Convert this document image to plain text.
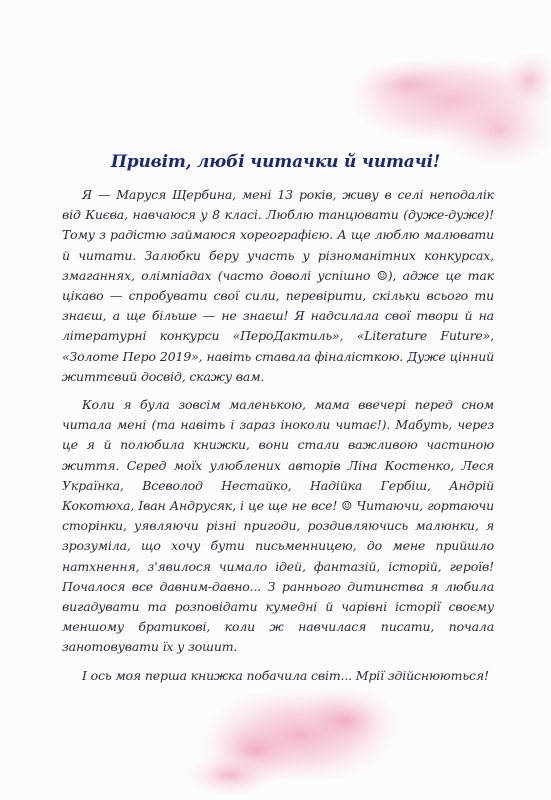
Привіт, любі читачки й читачі!

Я — Маруся Щербина, мені 13 років, живу в селі неподалік від Києва, навчаюся у 8 класі. Люблю танцювати (дуже-дуже)! Тому з радістю займаюся хореографією. А ще люблю малювати й читати. Залюбки беру участь у різноманітних конкурсах, змаганнях, олімпіадах (часто доволі успішно ☺), адже це так цікаво — спробувати свої сили, перевірити, скільки всього ти знаєш, а ще більше — не знаєш! Я надсилала свої твори й на літературні конкурси «ПероДактиль», «Literature Future», «Золоте Перо 2019», навіть ставала фіналісткою. Дуже цінний життєвий досвід, скажу вам.

Коли я була зовсім маленькою, мама ввечері перед сном читала мені (та навіть і зараз іноколи читає!). Мабуть, через це я й полюбила книжки, вони стали важливою частиною життя. Серед моїх улюблених авторів Ліна Костенко, Леся Українка, Всеволод Нестайко, Надійка Гербіш, Андрій Кокотюха, Іван Андрусяк, і це ще не все! ☺ Читаючи, гортаючи сторінки, уявляючи різні пригоди, роздивляючись малюнки, я зрозуміла, що хочу бути письменницею, до мене прийшло натхнення, з'явилося чимало ідей, фантазій, історій, героїв! Почалося все давним-давно... З раннього дитинства я любила вигадувати та розповідати кумедні й чарівні історії своєму меншому братикові, коли ж навчилася писати, почала занотовувати їх у зошит.

І ось моя перша книжка побачила світ... Мрії здійснюються!
